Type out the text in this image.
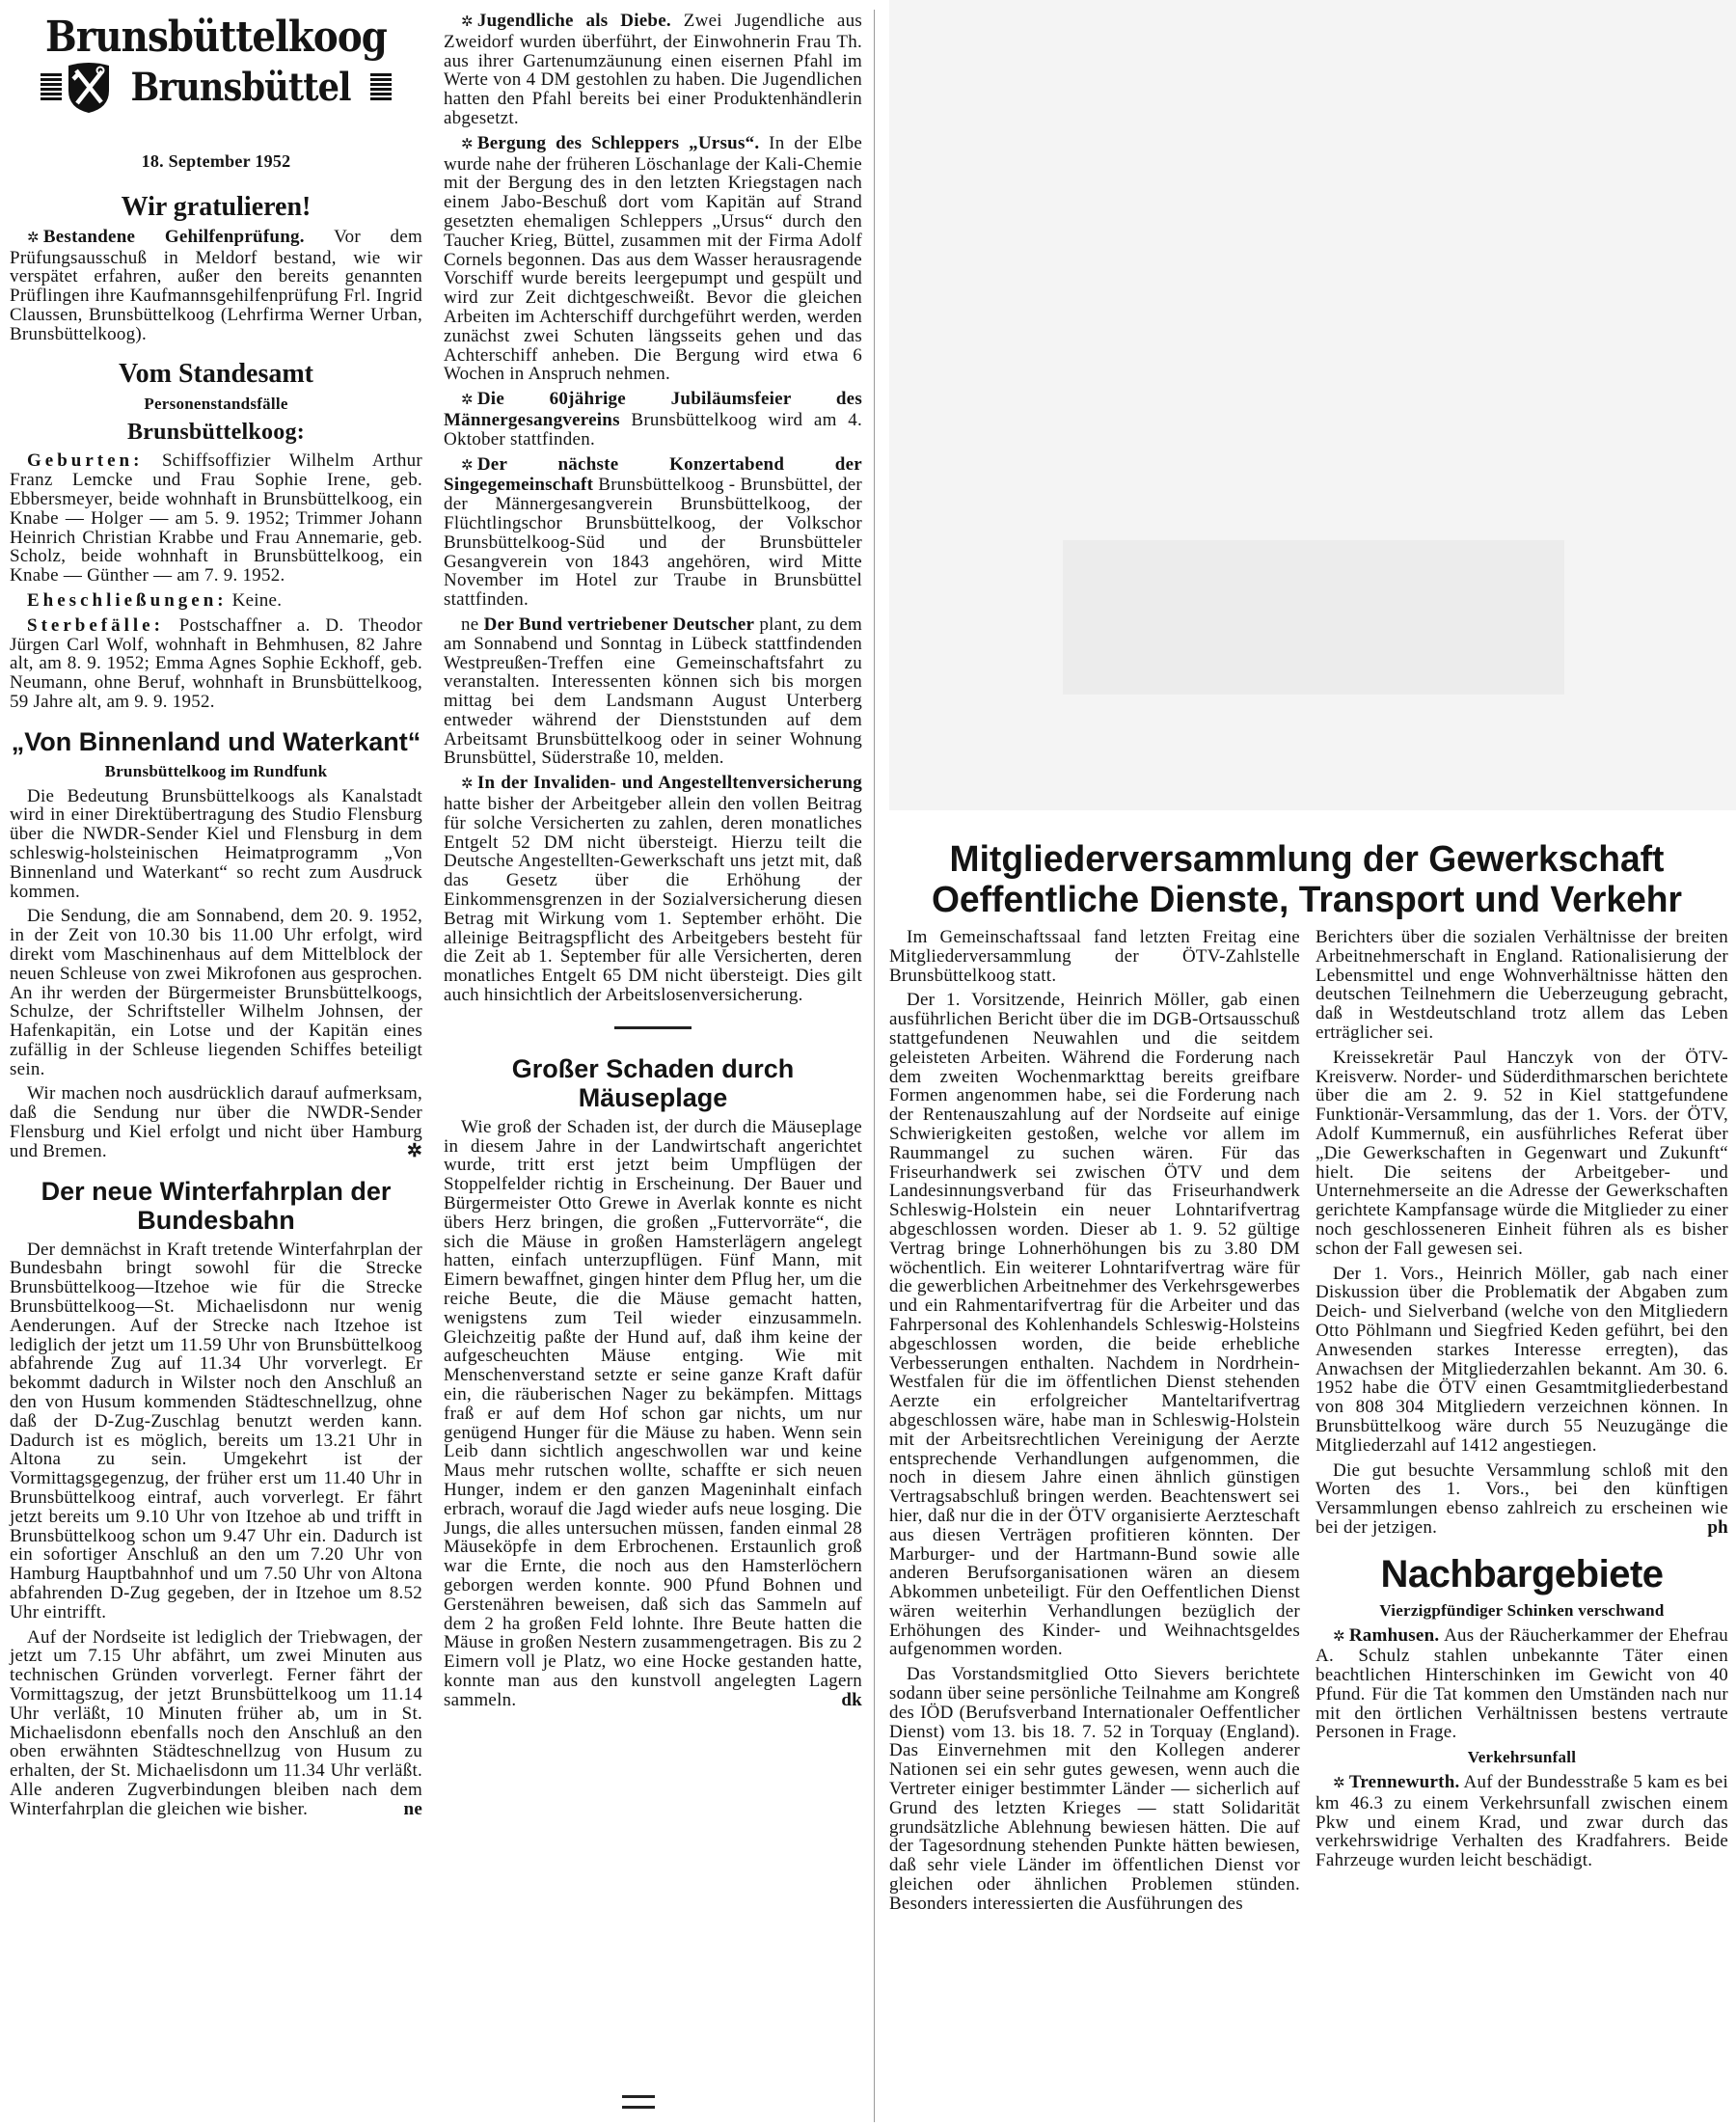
Brunsbüttelkoog
Brunsbüttel
18. September 1952
Wir gratulieren!

✲ Bestandene Gehilfenprüfung. Vor dem Prüfungsausschuß in Meldorf bestand, wie wir verspätet erfahren, außer den bereits genannten Prüflingen ihre Kaufmannsgehilfenprüfung Frl. Ingrid Claussen, Brunsbüttelkoog (Lehrfirma Werner Urban, Brunsbüttelkoog).

Vom Standesamt
Personenstandsfälle
Brunsbüttelkoog:

Geburten: Schiffsoffizier Wilhelm Arthur Franz Lemcke und Frau Sophie Irene, geb. Ebbersmeyer, beide wohnhaft in Brunsbüttelkoog, ein Knabe — Holger — am 5. 9. 1952; Trimmer Johann Heinrich Christian Krabbe und Frau Annemarie, geb. Scholz, beide wohnhaft in Brunsbüttelkoog, ein Knabe — Günther — am 7. 9. 1952.

Eheschließungen: Keine.

Sterbefälle: Postschaffner a. D. Theodor Jürgen Carl Wolf, wohnhaft in Behmhusen, 82 Jahre alt, am 8. 9. 1952; Emma Agnes Sophie Eckhoff, geb. Neumann, ohne Beruf, wohnhaft in Brunsbüttelkoog, 59 Jahre alt, am 9. 9. 1952.

„Von Binnenland und Waterkant“
Brunsbüttelkoog im Rundfunk

Die Bedeutung Brunsbüttelkoogs als Kanalstadt wird in einer Direktübertragung des Studio Flensburg über die NWDR-Sender Kiel und Flensburg in dem schleswig-holsteinischen Heimatprogramm „Von Binnenland und Waterkant“ so recht zum Ausdruck kommen.

Die Sendung, die am Sonnabend, dem 20. 9. 1952, in der Zeit von 10.30 bis 11.00 Uhr erfolgt, wird direkt vom Maschinenhaus auf dem Mittelblock der neuen Schleuse von zwei Mikrofonen aus gesprochen. An ihr werden der Bürgermeister Brunsbüttelkoogs, Schulze, der Schriftsteller Wilhelm Johnsen, der Hafenkapitän, ein Lotse und der Kapitän eines zufällig in der Schleuse liegenden Schiffes beteiligt sein.

Wir machen noch ausdrücklich darauf aufmerksam, daß die Sendung nur über die NWDR-Sender Flensburg und Kiel erfolgt und nicht über Hamburg und Bremen.	✲

Der neue Winterfahrplan der Bundesbahn

Der demnächst in Kraft tretende Winterfahrplan der Bundesbahn bringt sowohl für die Strecke Brunsbüttelkoog—Itzehoe wie für die Strecke Brunsbüttelkoog—St. Michaelisdonn nur wenig Aenderungen. Auf der Strecke nach Itzehoe ist lediglich der jetzt um 11.59 Uhr von Brunsbüttelkoog abfahrende Zug auf 11.34 Uhr vorverlegt. Er bekommt dadurch in Wilster noch den Anschluß an den von Husum kommenden Städteschnellzug, ohne daß der D-Zug-Zuschlag benutzt werden kann. Dadurch ist es möglich, bereits um 13.21 Uhr in Altona zu sein. Umgekehrt ist der Vormittagsgegenzug, der früher erst um 11.40 Uhr in Brunsbüttelkoog eintraf, auch vorverlegt. Er fährt jetzt bereits um 9.10 Uhr von Itzehoe ab und trifft in Brunsbüttelkoog schon um 9.47 Uhr ein. Dadurch ist ein sofortiger Anschluß an den um 7.20 Uhr von Hamburg Hauptbahnhof und um 7.50 Uhr von Altona abfahrenden D-Zug gegeben, der in Itzehoe um 8.52 Uhr eintrifft.

Auf der Nordseite ist lediglich der Triebwagen, der jetzt um 7.15 Uhr abfährt, um zwei Minuten aus technischen Gründen vorverlegt. Ferner fährt der Vormittagszug, der jetzt Brunsbüttelkoog um 11.14 Uhr verläßt, 10 Minuten früher ab, um in St. Michaelisdonn ebenfalls noch den Anschluß an den oben erwähnten Städteschnellzug von Husum zu erhalten, der St. Michaelisdonn um 11.34 Uhr verläßt. Alle anderen Zugverbindungen bleiben nach dem Winterfahrplan die gleichen wie bisher.	ne

✲ Jugendliche als Diebe. Zwei Jugendliche aus Zweidorf wurden überführt, der Einwohnerin Frau Th. aus ihrer Gartenumzäunung einen eisernen Pfahl im Werte von 4 DM gestohlen zu haben. Die Jugendlichen hatten den Pfahl bereits bei einer Produktenhändlerin abgesetzt.

✲ Bergung des Schleppers „Ursus“. In der Elbe wurde nahe der früheren Löschanlage der Kali-Chemie mit der Bergung des in den letzten Kriegstagen nach einem Jabo-Beschuß dort vom Kapitän auf Strand gesetzten ehemaligen Schleppers „Ursus“ durch den Taucher Krieg, Büttel, zusammen mit der Firma Adolf Cornels begonnen. Das aus dem Wasser herausragende Vorschiff wurde bereits leergepumpt und gespült und wird zur Zeit dichtgeschweißt. Bevor die gleichen Arbeiten im Achterschiff durchgeführt werden, werden zunächst zwei Schuten längsseits gehen und das Achterschiff anheben. Die Bergung wird etwa 6 Wochen in Anspruch nehmen.

✲ Die 60jährige Jubiläumsfeier des Männergesangvereins Brunsbüttelkoog wird am 4. Oktober stattfinden.

✲ Der nächste Konzertabend der Singegemeinschaft Brunsbüttelkoog - Brunsbüttel, der der Männergesangverein Brunsbüttelkoog, der Flüchtlingschor Brunsbüttelkoog, der Volkschor Brunsbüttelkoog-Süd und der Brunsbütteler Gesangverein von 1843 angehören, wird Mitte November im Hotel zur Traube in Brunsbüttel stattfinden.

ne Der Bund vertriebener Deutscher plant, zu dem am Sonnabend und Sonntag in Lübeck stattfindenden Westpreußen-Treffen eine Gemeinschaftsfahrt zu veranstalten. Interessenten können sich bis morgen mittag bei dem Landsmann August Unterberg entweder während der Dienststunden auf dem Arbeitsamt Brunsbüttelkoog oder in seiner Wohnung Brunsbüttel, Süderstraße 10, melden.

✲ In der Invaliden- und Angestelltenversicherung hatte bisher der Arbeitgeber allein den vollen Beitrag für solche Versicherten zu zahlen, deren monatliches Entgelt 52 DM nicht übersteigt. Hierzu teilt die Deutsche Angestellten-Gewerkschaft uns jetzt mit, daß das Gesetz über die Erhöhung der Einkommensgrenzen in der Sozialversicherung diesen Betrag mit Wirkung vom 1. September erhöht. Die alleinige Beitragspflicht des Arbeitgebers besteht für die Zeit ab 1. September für alle Versicherten, deren monatliches Entgelt 65 DM nicht übersteigt. Dies gilt auch hinsichtlich der Arbeitslosenversicherung.

Großer Schaden durch Mäuseplage

Wie groß der Schaden ist, der durch die Mäuseplage in diesem Jahre in der Landwirtschaft angerichtet wurde, tritt erst jetzt beim Umpflügen der Stoppelfelder richtig in Erscheinung. Der Bauer und Bürgermeister Otto Grewe in Averlak konnte es nicht übers Herz bringen, die großen „Futtervorräte“, die sich die Mäuse in großen Hamsterlägern angelegt hatten, einfach unterzupflügen. Fünf Mann, mit Eimern bewaffnet, gingen hinter dem Pflug her, um die reiche Beute, die die Mäuse gemacht hatten, wenigstens zum Teil wieder einzusammeln. Gleichzeitig paßte der Hund auf, daß ihm keine der aufgescheuchten Mäuse entging. Wie mit Menschenverstand setzte er seine ganze Kraft dafür ein, die räuberischen Nager zu bekämpfen. Mittags fraß er auf dem Hof schon gar nichts, um nur genügend Hunger für die Mäuse zu haben. Wenn sein Leib dann sichtlich angeschwollen war und keine Maus mehr rutschen wollte, schaffte er sich neuen Hunger, indem er den ganzen Mageninhalt einfach erbrach, worauf die Jagd wieder aufs neue losging. Die Jungs, die alles untersuchen müssen, fanden einmal 28 Mäuseköpfe in dem Erbrochenen. Erstaunlich groß war die Ernte, die noch aus den Hamsterlöchern geborgen werden konnte. 900 Pfund Bohnen und Gerstenähren beweisen, daß sich das Sammeln auf dem 2 ha großen Feld lohnte. Ihre Beute hatten die Mäuse in großen Nestern zusammengetragen. Bis zu 2 Eimern voll je Platz, wo eine Hocke gestanden hatte, konnte man aus den kunstvoll angelegten Lagern sammeln.	dk

Mitgliederversammlung der Gewerkschaft
Oeffentliche Dienste, Transport und Verkehr

Im Gemeinschaftssaal fand letzten Freitag eine Mitgliederversammlung der ÖTV-Zahlstelle Brunsbüttelkoog statt.

Der 1. Vorsitzende, Heinrich Möller, gab einen ausführlichen Bericht über die im DGB-Ortsausschuß stattgefundenen Neuwahlen und die seitdem geleisteten Arbeiten. Während die Forderung nach dem zweiten Wochenmarkttag bereits greifbare Formen angenommen habe, sei die Forderung nach der Rentenauszahlung auf der Nordseite auf einige Schwierigkeiten gestoßen, welche vor allem im Raummangel zu suchen wären. Für das Friseurhandwerk sei zwischen ÖTV und dem Landesinnungsverband für das Friseurhandwerk Schleswig-Holstein ein neuer Lohntarifvertrag abgeschlossen worden. Dieser ab 1. 9. 52 gültige Vertrag bringe Lohnerhöhungen bis zu 3.80 DM wöchentlich. Ein weiterer Lohntarifvertrag wäre für die gewerblichen Arbeitnehmer des Verkehrsgewerbes und ein Rahmentarifvertrag für die Arbeiter und das Fahrpersonal des Kohlenhandels Schleswig-Holsteins abgeschlossen worden, die beide erhebliche Verbesserungen enthalten. Nachdem in Nordrhein-Westfalen für die im öffentlichen Dienst stehenden Aerzte ein erfolgreicher Manteltarifvertrag abgeschlossen wäre, habe man in Schleswig-Holstein mit der Arbeitsrechtlichen Vereinigung der Aerzte entsprechende Verhandlungen aufgenommen, die noch in diesem Jahre einen ähnlich günstigen Vertragsabschluß bringen werden. Beachtenswert sei hier, daß nur die in der ÖTV organisierte Aerzteschaft aus diesen Verträgen profitieren könnten. Der Marburger- und der Hartmann-Bund sowie alle anderen Berufsorganisationen wären an diesem Abkommen unbeteiligt. Für den Oeffentlichen Dienst wären weiterhin Verhandlungen bezüglich der Erhöhungen des Kinder- und Weihnachtsgeldes aufgenommen worden.

Das Vorstandsmitglied Otto Sievers berichtete sodann über seine persönliche Teilnahme am Kongreß des IÖD (Berufsverband Internationaler Oeffentlicher Dienst) vom 13. bis 18. 7. 52 in Torquay (England). Das Einvernehmen mit den Kollegen anderer Nationen sei ein sehr gutes gewesen, wenn auch die Vertreter einiger bestimmter Länder — sicherlich auf Grund des letzten Krieges — statt Solidarität grundsätzliche Ablehnung bewiesen hätten. Die auf der Tagesordnung stehenden Punkte hätten bewiesen, daß sehr viele Länder im öffentlichen Dienst vor gleichen oder ähnlichen Problemen stünden. Besonders interessierten die Ausführungen des

Berichters über die sozialen Verhältnisse der breiten Arbeitnehmerschaft in England. Rationalisierung der Lebensmittel und enge Wohnverhältnisse hätten den deutschen Teilnehmern die Ueberzeugung gebracht, daß in Westdeutschland trotz allem das Leben erträglicher sei.

Kreissekretär Paul Hanczyk von der ÖTV-Kreisverw. Norder- und Süderdithmarschen berichtete über die am 2. 9. 52 in Kiel stattgefundene Funktionär-Versammlung, das der 1. Vors. der ÖTV, Adolf Kummernuß, ein ausführliches Referat über „Die Gewerkschaften in Gegenwart und Zukunft“ hielt. Die seitens der Arbeitgeber- und Unternehmerseite an die Adresse der Gewerkschaften gerichtete Kampfansage würde die Mitglieder zu einer noch geschlosseneren Einheit führen als es bisher schon der Fall gewesen sei.

Der 1. Vors., Heinrich Möller, gab nach einer Diskussion über die Problematik der Abgaben zum Deich- und Sielverband (welche von den Mitgliedern Otto Pöhlmann und Siegfried Keden geführt, bei den Anwesenden starkes Interesse erregten), das Anwachsen der Mitgliederzahlen bekannt. Am 30. 6. 1952 habe die ÖTV einen Gesamtmitgliederbestand von 808 304 Mitgliedern verzeichnen können. In Brunsbüttelkoog wäre durch 55 Neuzugänge die Mitgliederzahl auf 1412 angestiegen.

Die gut besuchte Versammlung schloß mit den Worten des 1. Vors., bei den künftigen Versammlungen ebenso zahlreich zu erscheinen wie bei der jetzigen.	ph

Nachbargebiete
Vierzigpfündiger Schinken verschwand

✲ Ramhusen. Aus der Räucherkammer der Ehefrau A. Schulz stahlen unbekannte Täter einen beachtlichen Hinterschinken im Gewicht von 40 Pfund. Für die Tat kommen den Umständen nach nur mit den örtlichen Verhältnissen bestens vertraute Personen in Frage.

Verkehrsunfall

✲ Trennewurth. Auf der Bundesstraße 5 kam es bei km 46.3 zu einem Verkehrsunfall zwischen einem Pkw und einem Krad, und zwar durch das verkehrswidrige Verhalten des Kradfahrers. Beide Fahrzeuge wurden leicht beschädigt.
